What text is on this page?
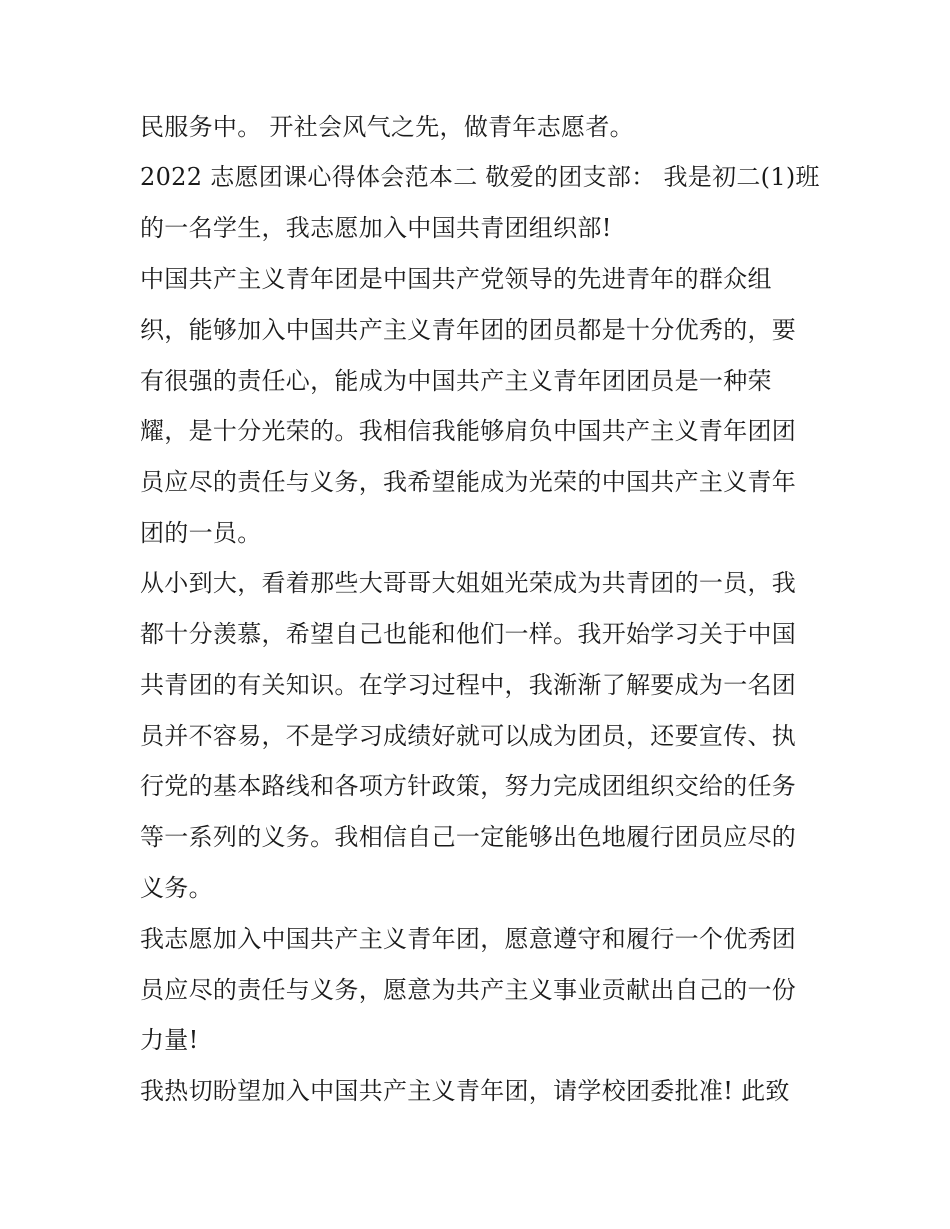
民服务中。 开社会风气之先，做青年志愿者。
2022 志愿团课心得体会范本二 敬爱的团支部： 我是初二(1)班
的一名学生，我志愿加入中国共青团组织部!
中国共产主义青年团是中国共产党领导的先进青年的群众组
织，能够加入中国共产主义青年团的团员都是十分优秀的，要
有很强的责任心，能成为中国共产主义青年团团员是一种荣
耀，是十分光荣的。我相信我能够肩负中国共产主义青年团团
员应尽的责任与义务，我希望能成为光荣的中国共产主义青年
团的一员。
从小到大，看着那些大哥哥大姐姐光荣成为共青团的一员，我
都十分羡慕，希望自己也能和他们一样。我开始学习关于中国
共青团的有关知识。在学习过程中，我渐渐了解要成为一名团
员并不容易，不是学习成绩好就可以成为团员，还要宣传、执
行党的基本路线和各项方针政策，努力完成团组织交给的任务
等一系列的义务。我相信自己一定能够出色地履行团员应尽的
义务。
我志愿加入中国共产主义青年团，愿意遵守和履行一个优秀团
员应尽的责任与义务，愿意为共产主义事业贡献出自己的一份
力量!
我热切盼望加入中国共产主义青年团，请学校团委批准! 此致
